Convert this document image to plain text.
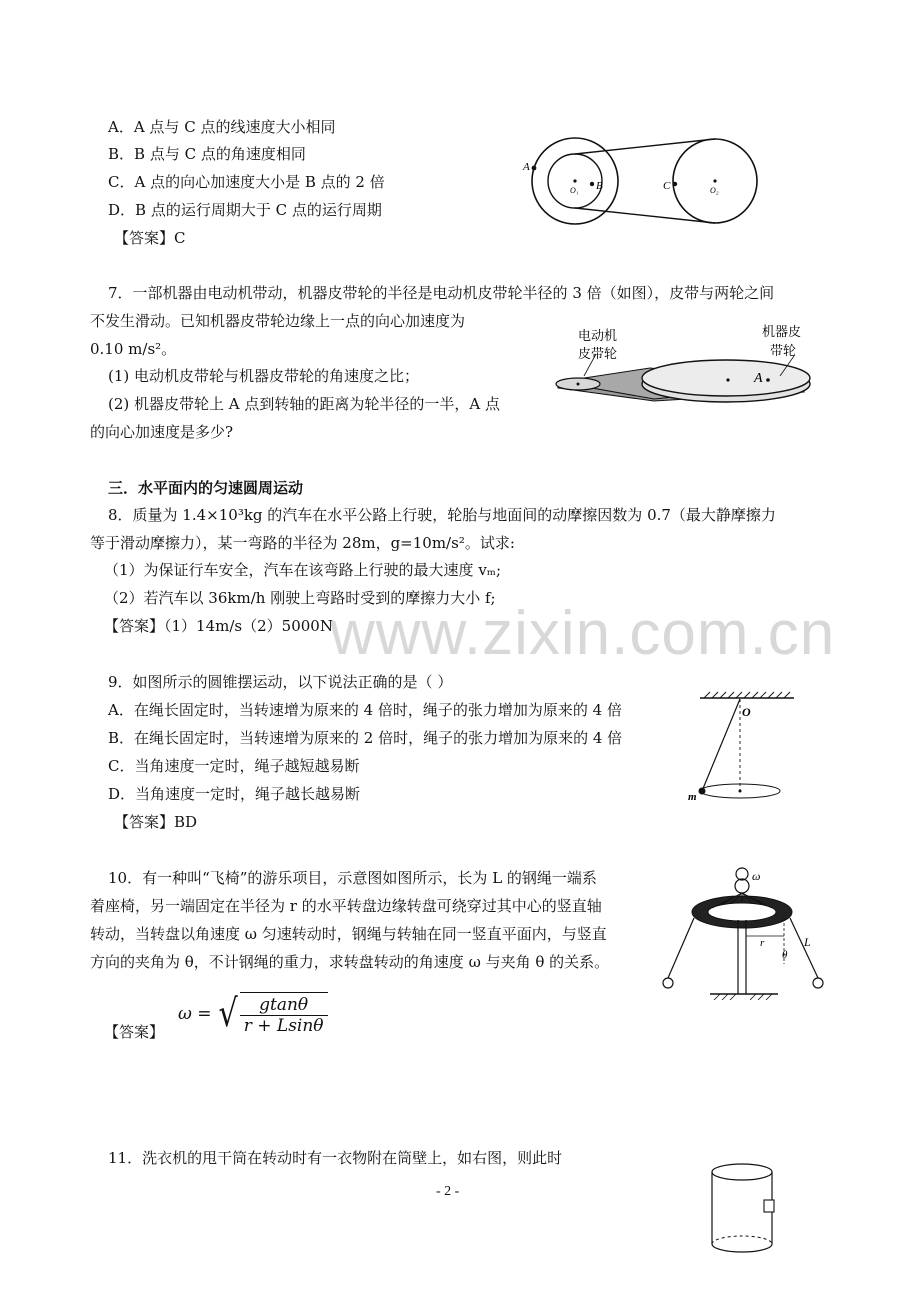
www.zixin.com.cn
A．A 点与 C 点的线速度大小相同
B．B 点与 C 点的角速度相同
C．A 点的向心加速度大小是 B 点的 2 倍
D．B 点的运行周期大于 C 点的运行周期
【答案】C
A
B	C
O₁	O₂
7．一部机器由电动机带动，机器皮带轮的半径是电动机皮带轮半径的 3 倍（如图），皮带与两轮之间
不发生滑动。已知机器皮带轮边缘上一点的向心加速度为
0.10 m/s²。
(1) 电动机皮带轮与机器皮带轮的角速度之比；
(2) 机器皮带轮上 A 点到转轴的距离为轮半径的一半，A 点
的向心加速度是多少?
电动机
皮带轮
机器皮
带轮
A
三．水平面内的匀速圆周运动
8．质量为 1.4×10³kg 的汽车在水平公路上行驶，轮胎与地面间的动摩擦因数为 0.7（最大静摩擦力
等于滑动摩擦力），某一弯路的半径为 28m，g=10m/s²。试求:
（1）为保证行车安全，汽车在该弯路上行驶的最大速度 vₘ;
（2）若汽车以 36km/h 刚驶上弯路时受到的摩擦力大小 f;
【答案】（1）14m/s（2）5000N
9．如图所示的圆锥摆运动，以下说法正确的是（ ）
A．在绳长固定时，当转速增为原来的 4 倍时，绳子的张力增加为原来的 4 倍
B．在绳长固定时，当转速增为原来的 2 倍时，绳子的张力增加为原来的 4 倍
C．当角速度一定时，绳子越短越易断
D．当角速度一定时，绳子越长越易断
【答案】BD
O
m
10．有一种叫“飞椅”的游乐项目，示意图如图所示，长为 L 的钢绳一端系
着座椅，另一端固定在半径为 r 的水平转盘边缘转盘可绕穿过其中心的竖直轴
转动，当转盘以角速度 ω 匀速转动时，钢绳与转轴在同一竖直平面内，与竖直
方向的夹角为 θ，不计钢绳的重力，求转盘转动的角速度 ω 与夹角 θ 的关系。
【答案】
ω = √ $\frac{gtan\theta}{r + Lsin\theta}$
ω
r
θ
L
11．洗衣机的甩干筒在转动时有一衣物附在筒壁上，如右图，则此时
- 2 -
